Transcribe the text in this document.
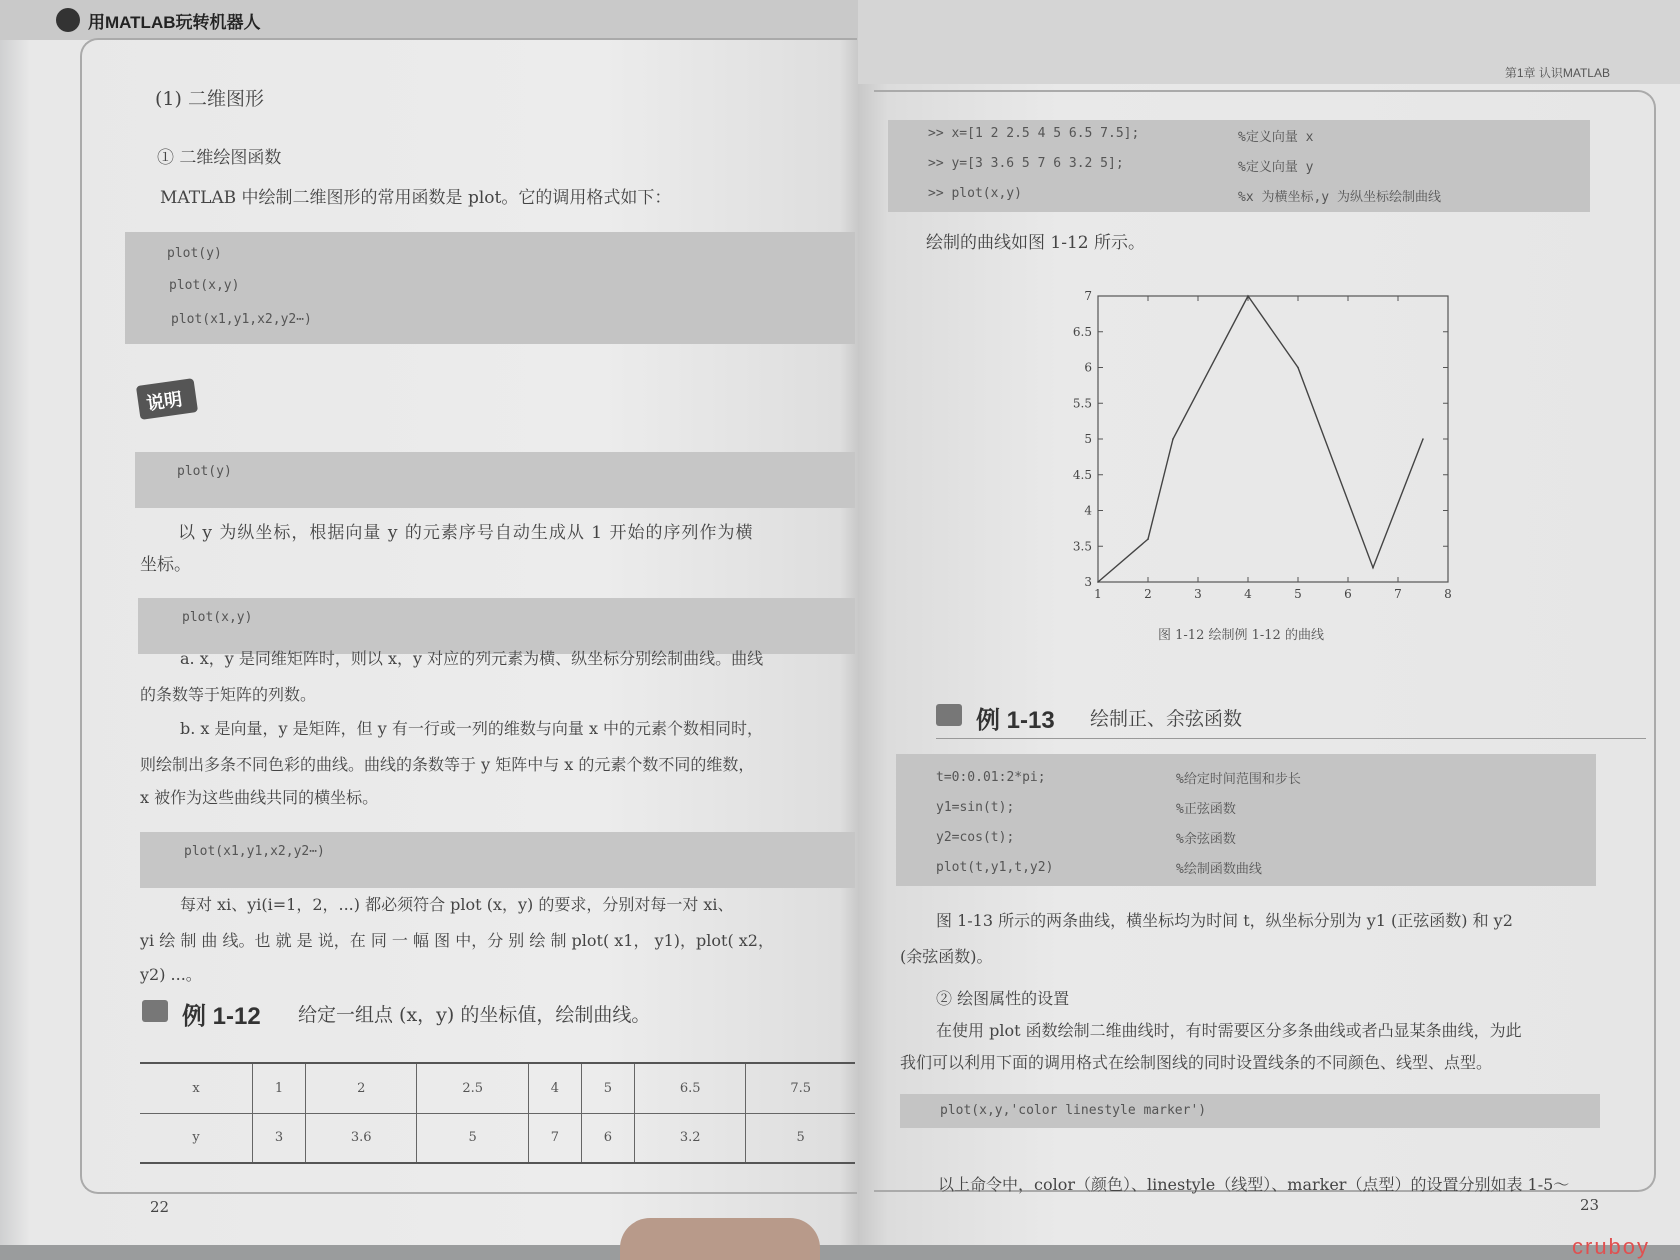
用MATLAB玩转机器人
(1) 二维图形
① 二维绘图函数
MATLAB 中绘制二维图形的常用函数是 plot。它的调用格式如下：
plot(y)
plot(x,y)
plot(x1,y1,x2,y2⋯)
说明
plot(y)
以 y 为纵坐标，根据向量 y 的元素序号自动生成从 1 开始的序列作为横
坐标。
plot(x,y)
a. x，y 是同维矩阵时，则以 x，y 对应的列元素为横、纵坐标分别绘制曲线。曲线
的条数等于矩阵的列数。
b. x 是向量，y 是矩阵，但 y 有一行或一列的维数与向量 x 中的元素个数相同时，
则绘制出多条不同色彩的曲线。曲线的条数等于 y 矩阵中与 x 的元素个数不同的维数，
x 被作为这些曲线共同的横坐标。
plot(x1,y1,x2,y2⋯)
每对 xi、yi(i=1，2，...) 都必须符合 plot (x，y) 的要求，分别对每一对 xi、
yi 绘 制 曲 线。也 就 是 说，在 同 一 幅 图 中，分 别 绘 制 plot( x1， y1)，plot( x2，
y2) ...。
例 1-12 给定一组点 (x，y) 的坐标值，绘制曲线。
x	1	2	2.5	4	5	6.5	7.5
y	3	3.6	5	7	6	3.2	5
22
第1章 认识MATLAB
>> x=[1 2 2.5 4 5 6.5 7.5];	%定义向量 x
>> y=[3 3.6 5 7 6 3.2 5];	%定义向量 y
>> plot(x,y)	%x 为横坐标,y 为纵坐标绘制曲线
绘制的曲线如图 1-12 所示。
1	2	3	4	5	6	7	8
3
3.5
4
4.5
5
5.5
6
6.5
7
图 1-12 绘制例 1-12 的曲线
例 1-13 绘制正、余弦函数
t=0:0.01:2*pi;	%给定时间范围和步长
y1=sin(t);	%正弦函数
y2=cos(t);	%余弦函数
plot(t,y1,t,y2)	%绘制函数曲线
图 1-13 所示的两条曲线，横坐标均为时间 t，纵坐标分别为 y1 (正弦函数) 和 y2
(余弦函数)。
② 绘图属性的设置
在使用 plot 函数绘制二维曲线时，有时需要区分多条曲线或者凸显某条曲线，为此
我们可以利用下面的调用格式在绘制图线的同时设置线条的不同颜色、线型、点型。
plot(x,y,'color linestyle marker')
以上命令中，color（颜色）、linestyle（线型）、marker（点型）的设置分别如表 1-5～
23
cruboy
